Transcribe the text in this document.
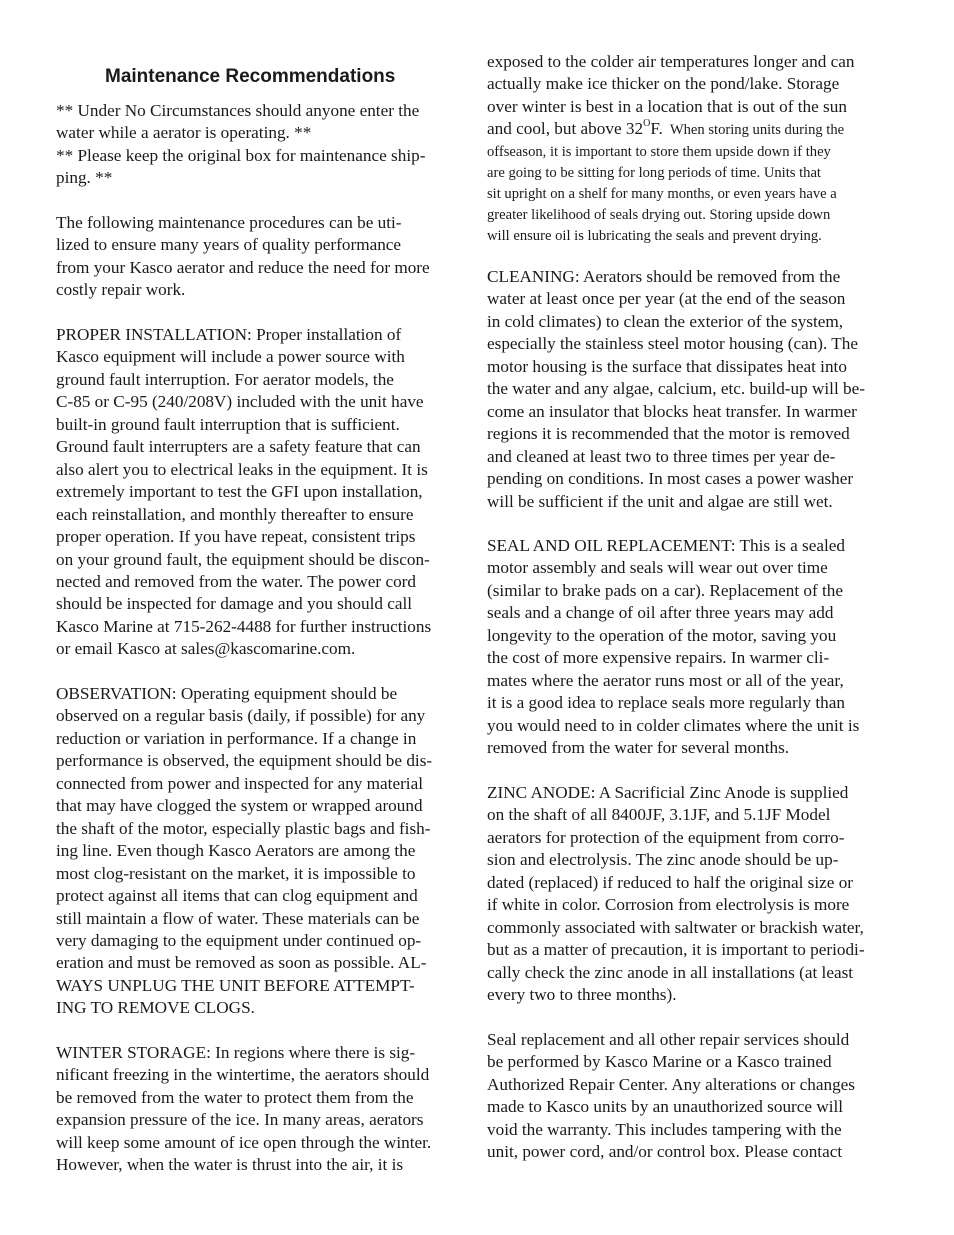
Maintenance Recommendations
** Under No Circumstances should anyone enter the
water while a aerator is operating. **
** Please keep the original box for maintenance ship-
ping. **
The following maintenance procedures can be uti-
lized to ensure many years of quality performance
from your Kasco aerator and reduce the need for more
costly repair work.
PROPER INSTALLATION: Proper installation of
Kasco equipment will include a power source with
ground fault interruption. For aerator models, the
C-85 or C-95 (240/208V) included with the unit have
built-in ground fault interruption that is sufficient.
Ground fault interrupters are a safety feature that can
also alert you to electrical leaks in the equipment. It is
extremely important to test the GFI upon installation,
each reinstallation, and monthly thereafter to ensure
proper operation. If you have repeat, consistent trips
on your ground fault, the equipment should be discon-
nected and removed from the water. The power cord
should be inspected for damage and you should call
Kasco Marine at 715-262-4488 for further instructions
or email Kasco at sales@kascomarine.com.
OBSERVATION: Operating equipment should be
observed on a regular basis (daily, if possible) for any
reduction or variation in performance. If a change in
performance is observed, the equipment should be dis-
connected from power and inspected for any material
that may have clogged the system or wrapped around
the shaft of the motor, especially plastic bags and fish-
ing line. Even though Kasco Aerators are among the
most clog-resistant on the market, it is impossible to
protect against all items that can clog equipment and
still maintain a flow of water. These materials can be
very damaging to the equipment under continued op-
eration and must be removed as soon as possible. AL-
WAYS UNPLUG THE UNIT BEFORE ATTEMPT-
ING TO REMOVE CLOGS.
WINTER STORAGE: In regions where there is sig-
nificant freezing in the wintertime, the aerators should
be removed from the water to protect them from the
expansion pressure of the ice. In many areas, aerators
will keep some amount of ice open through the winter.
However, when the water is thrust into the air, it is
exposed to the colder air temperatures longer and can
actually make ice thicker on the pond/lake. Storage
over winter is best in a location that is out of the sun
and cool, but above $32^OF$.  When storing units during the
offseason, it is important to store them upside down if they
are going to be sitting for long periods of time. Units that
sit upright on a shelf for many months, or even years have a
greater likelihood of seals drying out. Storing upside down
will ensure oil is lubricating the seals and prevent drying.
CLEANING: Aerators should be removed from the
water at least once per year (at the end of the season
in cold climates) to clean the exterior of the system,
especially the stainless steel motor housing (can). The
motor housing is the surface that dissipates heat into
the water and any algae, calcium, etc. build-up will be-
come an insulator that blocks heat transfer. In warmer
regions it is recommended that the motor is removed
and cleaned at least two to three times per year de-
pending on conditions. In most cases a power washer
will be sufficient if the unit and algae are still wet.
SEAL AND OIL REPLACEMENT: This is a sealed
motor assembly and seals will wear out over time
(similar to brake pads on a car). Replacement of the
seals and a change of oil after three years may add
longevity to the operation of the motor, saving you
the cost of more expensive repairs. In warmer cli-
mates where the aerator runs most or all of the year,
it is a good idea to replace seals more regularly than
you would need to in colder climates where the unit is
removed from the water for several months.
ZINC ANODE: A Sacrificial Zinc Anode is supplied
on the shaft of all 8400JF, 3.1JF, and 5.1JF Model
aerators for protection of the equipment from corro-
sion and electrolysis. The zinc anode should be up-
dated (replaced) if reduced to half the original size or
if white in color. Corrosion from electrolysis is more
commonly associated with saltwater or brackish water,
but as a matter of precaution, it is important to periodi-
cally check the zinc anode in all installations (at least
every two to three months).
Seal replacement and all other repair services should
be performed by Kasco Marine or a Kasco trained
Authorized Repair Center. Any alterations or changes
made to Kasco units by an unauthorized source will
void the warranty. This includes tampering with the
unit, power cord, and/or control box. Please contact
